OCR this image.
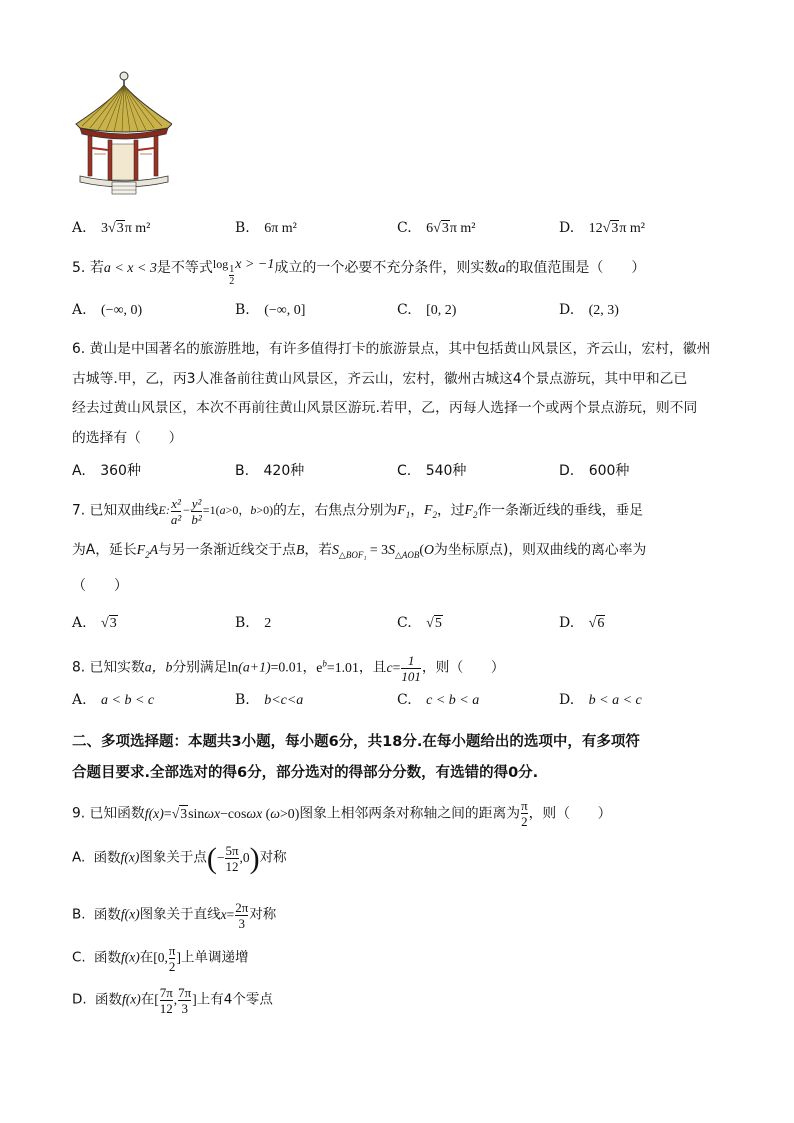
A. 3√3π m²	B. 6π m²	C. 6√3π m²	D. 12√3π m²
5. 若a < x < 3是不等式log $_{\frac{1}{2}}$ x > −1成立的一个必要不充分条件，则实数a的取值范围是（　　）
A. (−∞, 0)	B. (−∞, 0]	C. [0, 2)	D. (2, 3)
6. 黄山是中国著名的旅游胜地，有许多值得打卡的旅游景点，其中包括黄山风景区，齐云山，宏村，徽州
古城等.甲，乙，丙3人准备前往黄山风景区，齐云山，宏村，徽州古城这4个景点游玩，其中甲和乙已
经去过黄山风景区，本次不再前往黄山风景区游玩.若甲，乙，丙每人选择一个或两个景点游玩，则不同
的选择有（　　）
A. 360种	B. 420种	C. 540种	D. 600种
7. 已知双曲线E: $\frac{\text{x²}}{\text{a²}} - \frac{\text{y²}}{\text{b²}} =1(a>0$，b>0)的左，右焦点分别为$F_1$，$F_2$，过$F_2$作一条渐近线的垂线，垂足
为A，延长$F_2A$与另一条渐近线交于点B，若$S_{\triangle BOF_1} = 3S_{\triangle AOB}(O$为坐标原点)，则双曲线的离心率为
（　　）
A. √3	B. 2	C. √5	D. √6
8. 已知实数a，b分别满足ln(a+1)=0.01，$e^b=1.01$，且$c= \frac{1}{101}$ ，则（　　）
A. a < b < c	B. b<c<a	C. c < b < a	D. b < a < c
二、多项选择题：本题共3小题，每小题6分，共18分.在每小题给出的选项中，有多项符
合题目要求.全部选对的得6分，部分选对的得部分分数，有选错的得0分.
9. 已知函数f(x)=√3sinωx−cosωx (ω>0)图象上相邻两条对称轴之间的距离为 $\frac{\pi}{2}$ ，则（　　）
A. 函数f(x)图象关于点(− $\frac{5\pi}{12} ,0$)对称
B. 函数f(x)图象关于直线$x= \frac{2\pi}{3}$ 对称
C. 函数f(x)在[0, $\frac{\pi}{2}$ ]上单调递增
D. 函数f(x)在[ $\frac{7\pi}{12}$ , $\frac{7\pi}{3}$ ]上有4个零点
